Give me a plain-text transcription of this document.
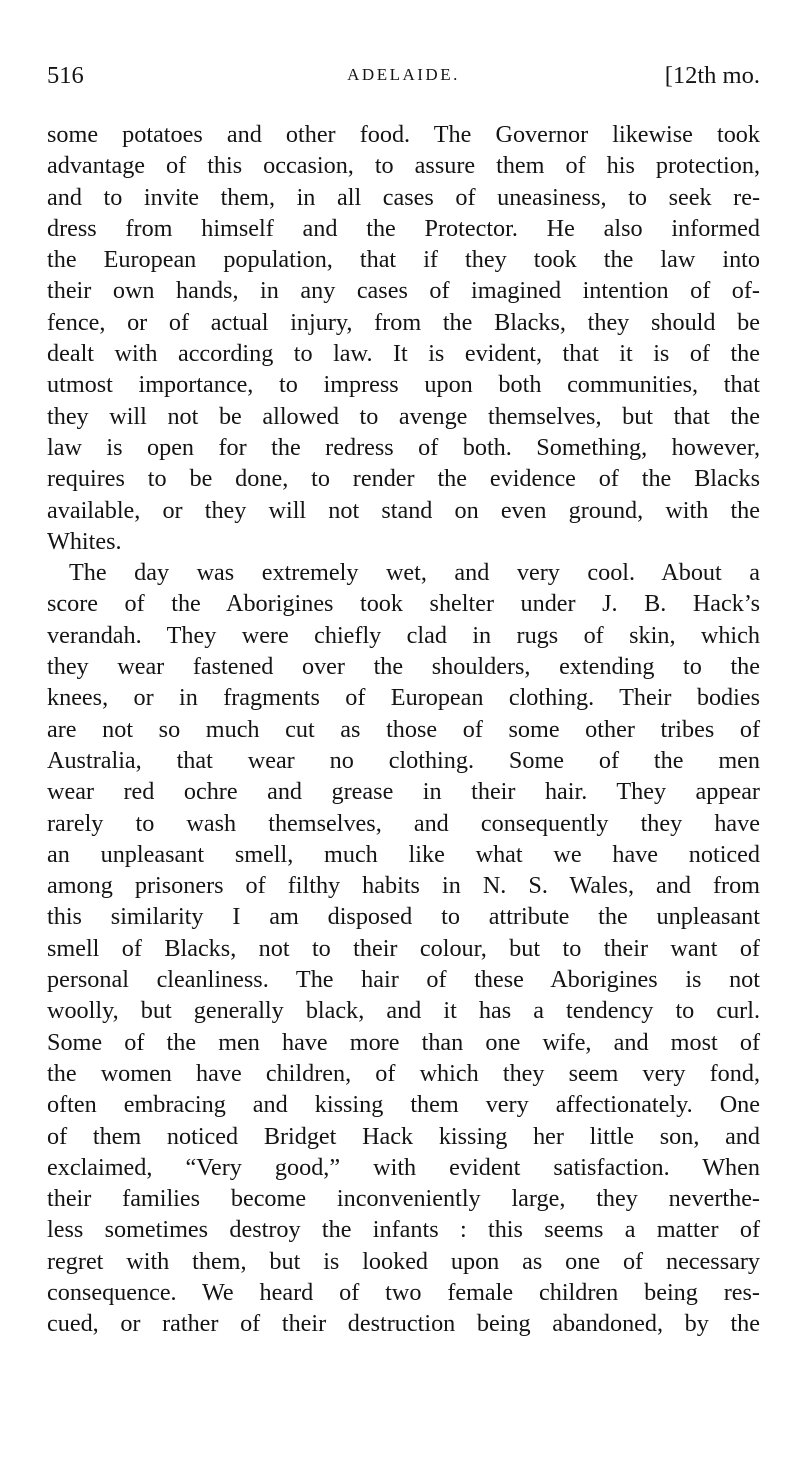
516	ADELAIDE.	[12th mo.
some potatoes and other food. The Governor likewise took
advantage of this occasion, to assure them of his protection,
and to invite them, in all cases of uneasiness, to seek re-
dress from himself and the Protector. He also informed
the European population, that if they took the law into
their own hands, in any cases of imagined intention of of-
fence, or of actual injury, from the Blacks, they should be
dealt with according to law. It is evident, that it is of the
utmost importance, to impress upon both communities, that
they will not be allowed to avenge themselves, but that the
law is open for the redress of both. Something, however,
requires to be done, to render the evidence of the Blacks
available, or they will not stand on even ground, with the
Whites.
The day was extremely wet, and very cool. About a
score of the Aborigines took shelter under J. B. Hack’s
verandah. They were chiefly clad in rugs of skin, which
they wear fastened over the shoulders, extending to the
knees, or in fragments of European clothing. Their bodies
are not so much cut as those of some other tribes of
Australia, that wear no clothing. Some of the men
wear red ochre and grease in their hair. They appear
rarely to wash themselves, and consequently they have
an unpleasant smell, much like what we have noticed
among prisoners of filthy habits in N. S. Wales, and from
this similarity I am disposed to attribute the unpleasant
smell of Blacks, not to their colour, but to their want of
personal cleanliness. The hair of these Aborigines is not
woolly, but generally black, and it has a tendency to curl.
Some of the men have more than one wife, and most of
the women have children, of which they seem very fond,
often embracing and kissing them very affectionately. One
of them noticed Bridget Hack kissing her little son, and
exclaimed, “Very good,” with evident satisfaction. When
their families become inconveniently large, they neverthe-
less sometimes destroy the infants : this seems a matter of
regret with them, but is looked upon as one of necessary
consequence. We heard of two female children being res-
cued, or rather of their destruction being abandoned, by the
